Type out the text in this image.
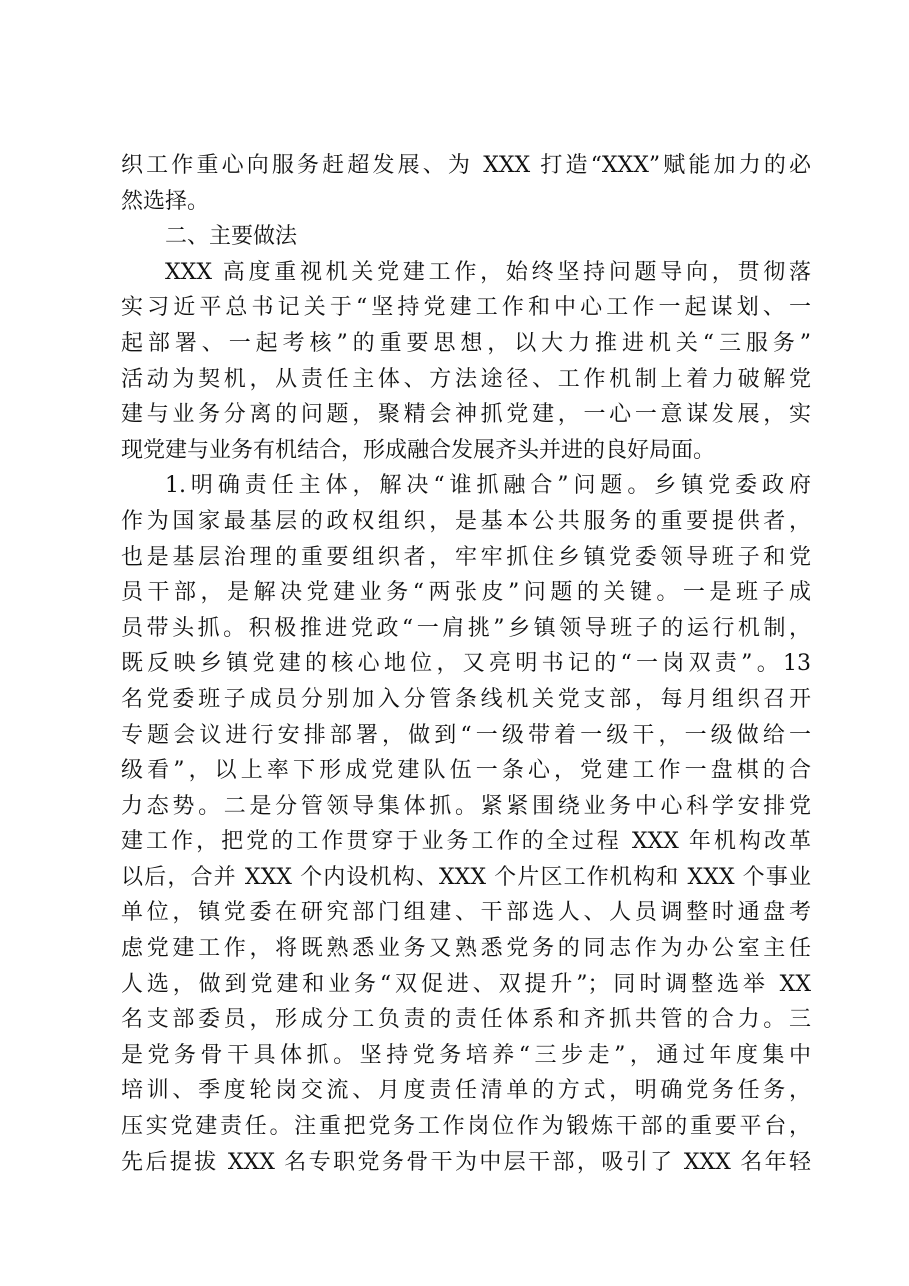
织工作重心向服务赶超发展、为 XXX 打造“XXX”赋能加力的必
然选择。
二、主要做法
XXX 高度重视机关党建工作，始终坚持问题导向，贯彻落
实习近平总书记关于“坚持党建工作和中心工作一起谋划、一
起部署、一起考核”的重要思想，以大力推进机关“三服务”
活动为契机，从责任主体、方法途径、工作机制上着力破解党
建与业务分离的问题，聚精会神抓党建，一心一意谋发展，实
现党建与业务有机结合，形成融合发展齐头并进的良好局面。
1.明确责任主体，解决“谁抓融合”问题。乡镇党委政府
作为国家最基层的政权组织，是基本公共服务的重要提供者，
也是基层治理的重要组织者，牢牢抓住乡镇党委领导班子和党
员干部，是解决党建业务“两张皮”问题的关键。一是班子成
员带头抓。积极推进党政“一肩挑”乡镇领导班子的运行机制，
既反映乡镇党建的核心地位，又亮明书记的“一岗双责”。13
名党委班子成员分别加入分管条线机关党支部，每月组织召开
专题会议进行安排部署，做到“一级带着一级干，一级做给一
级看”，以上率下形成党建队伍一条心，党建工作一盘棋的合
力态势。二是分管领导集体抓。紧紧围绕业务中心科学安排党
建工作，把党的工作贯穿于业务工作的全过程 XXX 年机构改革
以后，合并 XXX 个内设机构、XXX 个片区工作机构和 XXX 个事业
单位，镇党委在研究部门组建、干部选人、人员调整时通盘考
虑党建工作，将既熟悉业务又熟悉党务的同志作为办公室主任
人选，做到党建和业务“双促进、双提升”；同时调整选举 XX
名支部委员，形成分工负责的责任体系和齐抓共管的合力。三
是党务骨干具体抓。坚持党务培养“三步走”，通过年度集中
培训、季度轮岗交流、月度责任清单的方式，明确党务任务，
压实党建责任。注重把党务工作岗位作为锻炼干部的重要平台，
先后提拔 XXX 名专职党务骨干为中层干部，吸引了 XXX 名年轻
